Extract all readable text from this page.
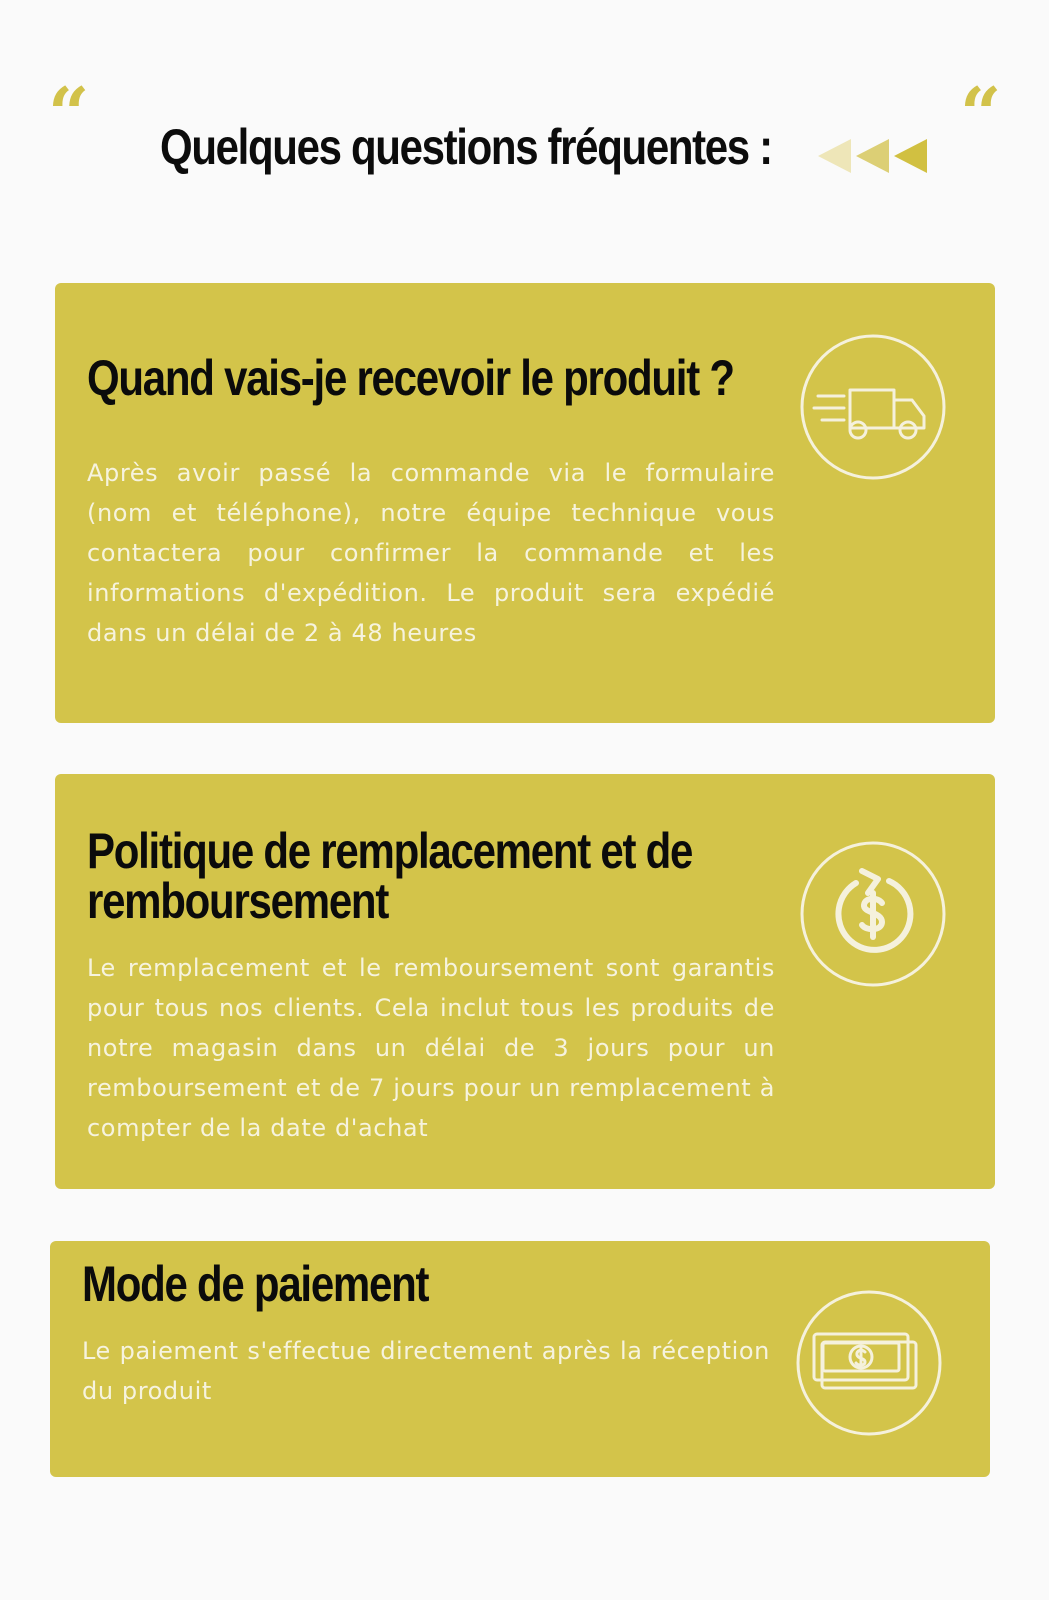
“	“
Quelques questions fréquentes :
Quand vais-je recevoir le produit ?

Après avoir passé la commande via le formulaire (nom et téléphone), notre équipe technique vous contactera pour confirmer la commande et les informations d'expédition. Le produit sera expédié dans un délai de 2 à 48 heures

Politique de remplacement et de remboursement

Le remplacement et le remboursement sont garantis pour tous nos clients. Cela inclut tous les produits de notre magasin dans un délai de 3 jours pour un remboursement et de 7 jours pour un remplacement à compter de la date d'achat

Mode de paiement

Le paiement s'effectue directement après la réception du produit
